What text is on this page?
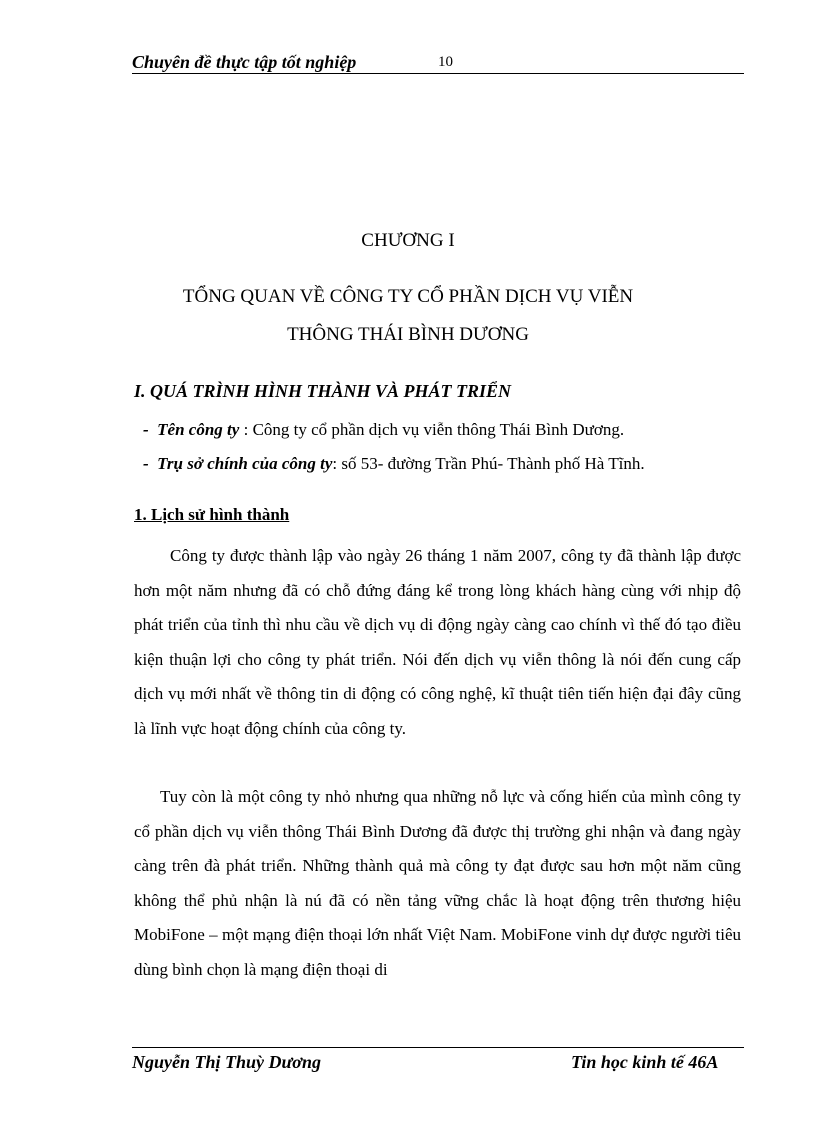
Chuyên đề thực tập tốt nghiệp	10
CHƯƠNG I
TỔNG QUAN VỀ CÔNG TY CỔ PHẦN DỊCH VỤ VIỄN
THÔNG THÁI BÌNH DƯƠNG
I. QUÁ TRÌNH HÌNH THÀNH VÀ PHÁT TRIỂN
- Tên công ty : Công ty cổ phần dịch vụ viễn thông Thái Bình Dương.
- Trụ sở chính của công ty: số 53- đường Trần Phú- Thành phố Hà Tĩnh.
1. Lịch sử hình thành
Công ty được thành lập vào ngày 26 tháng 1 năm 2007, công ty đã thành lập được hơn một năm nhưng đã có chỗ đứng đáng kể trong lòng khách hàng cùng với nhịp độ phát triển của tỉnh thì nhu cầu về dịch vụ di động ngày càng cao chính vì thế đó tạo điều kiện thuận lợi cho công ty phát triển. Nói đến dịch vụ viễn thông là nói đến cung cấp dịch vụ mới nhất về thông tin di động có công nghệ, kĩ thuật tiên tiến hiện đại đây cũng là lĩnh vực hoạt động chính của công ty.
Tuy còn là một công ty nhỏ nhưng qua những nỗ lực và cống hiến của mình công ty cổ phần dịch vụ viễn thông Thái Bình Dương đã được thị trường ghi nhận và đang ngày càng trên đà phát triển. Những thành quả mà công ty đạt được sau hơn một năm cũng không thể phủ nhận là nú đã có nền tảng vững chắc là hoạt động trên thương hiệu MobiFone – một mạng điện thoại lớn nhất Việt Nam. MobiFone vinh dự được người tiêu dùng bình chọn là mạng điện thoại di
Nguyễn Thị Thuỳ Dương	Tin học kinh tế 46A
